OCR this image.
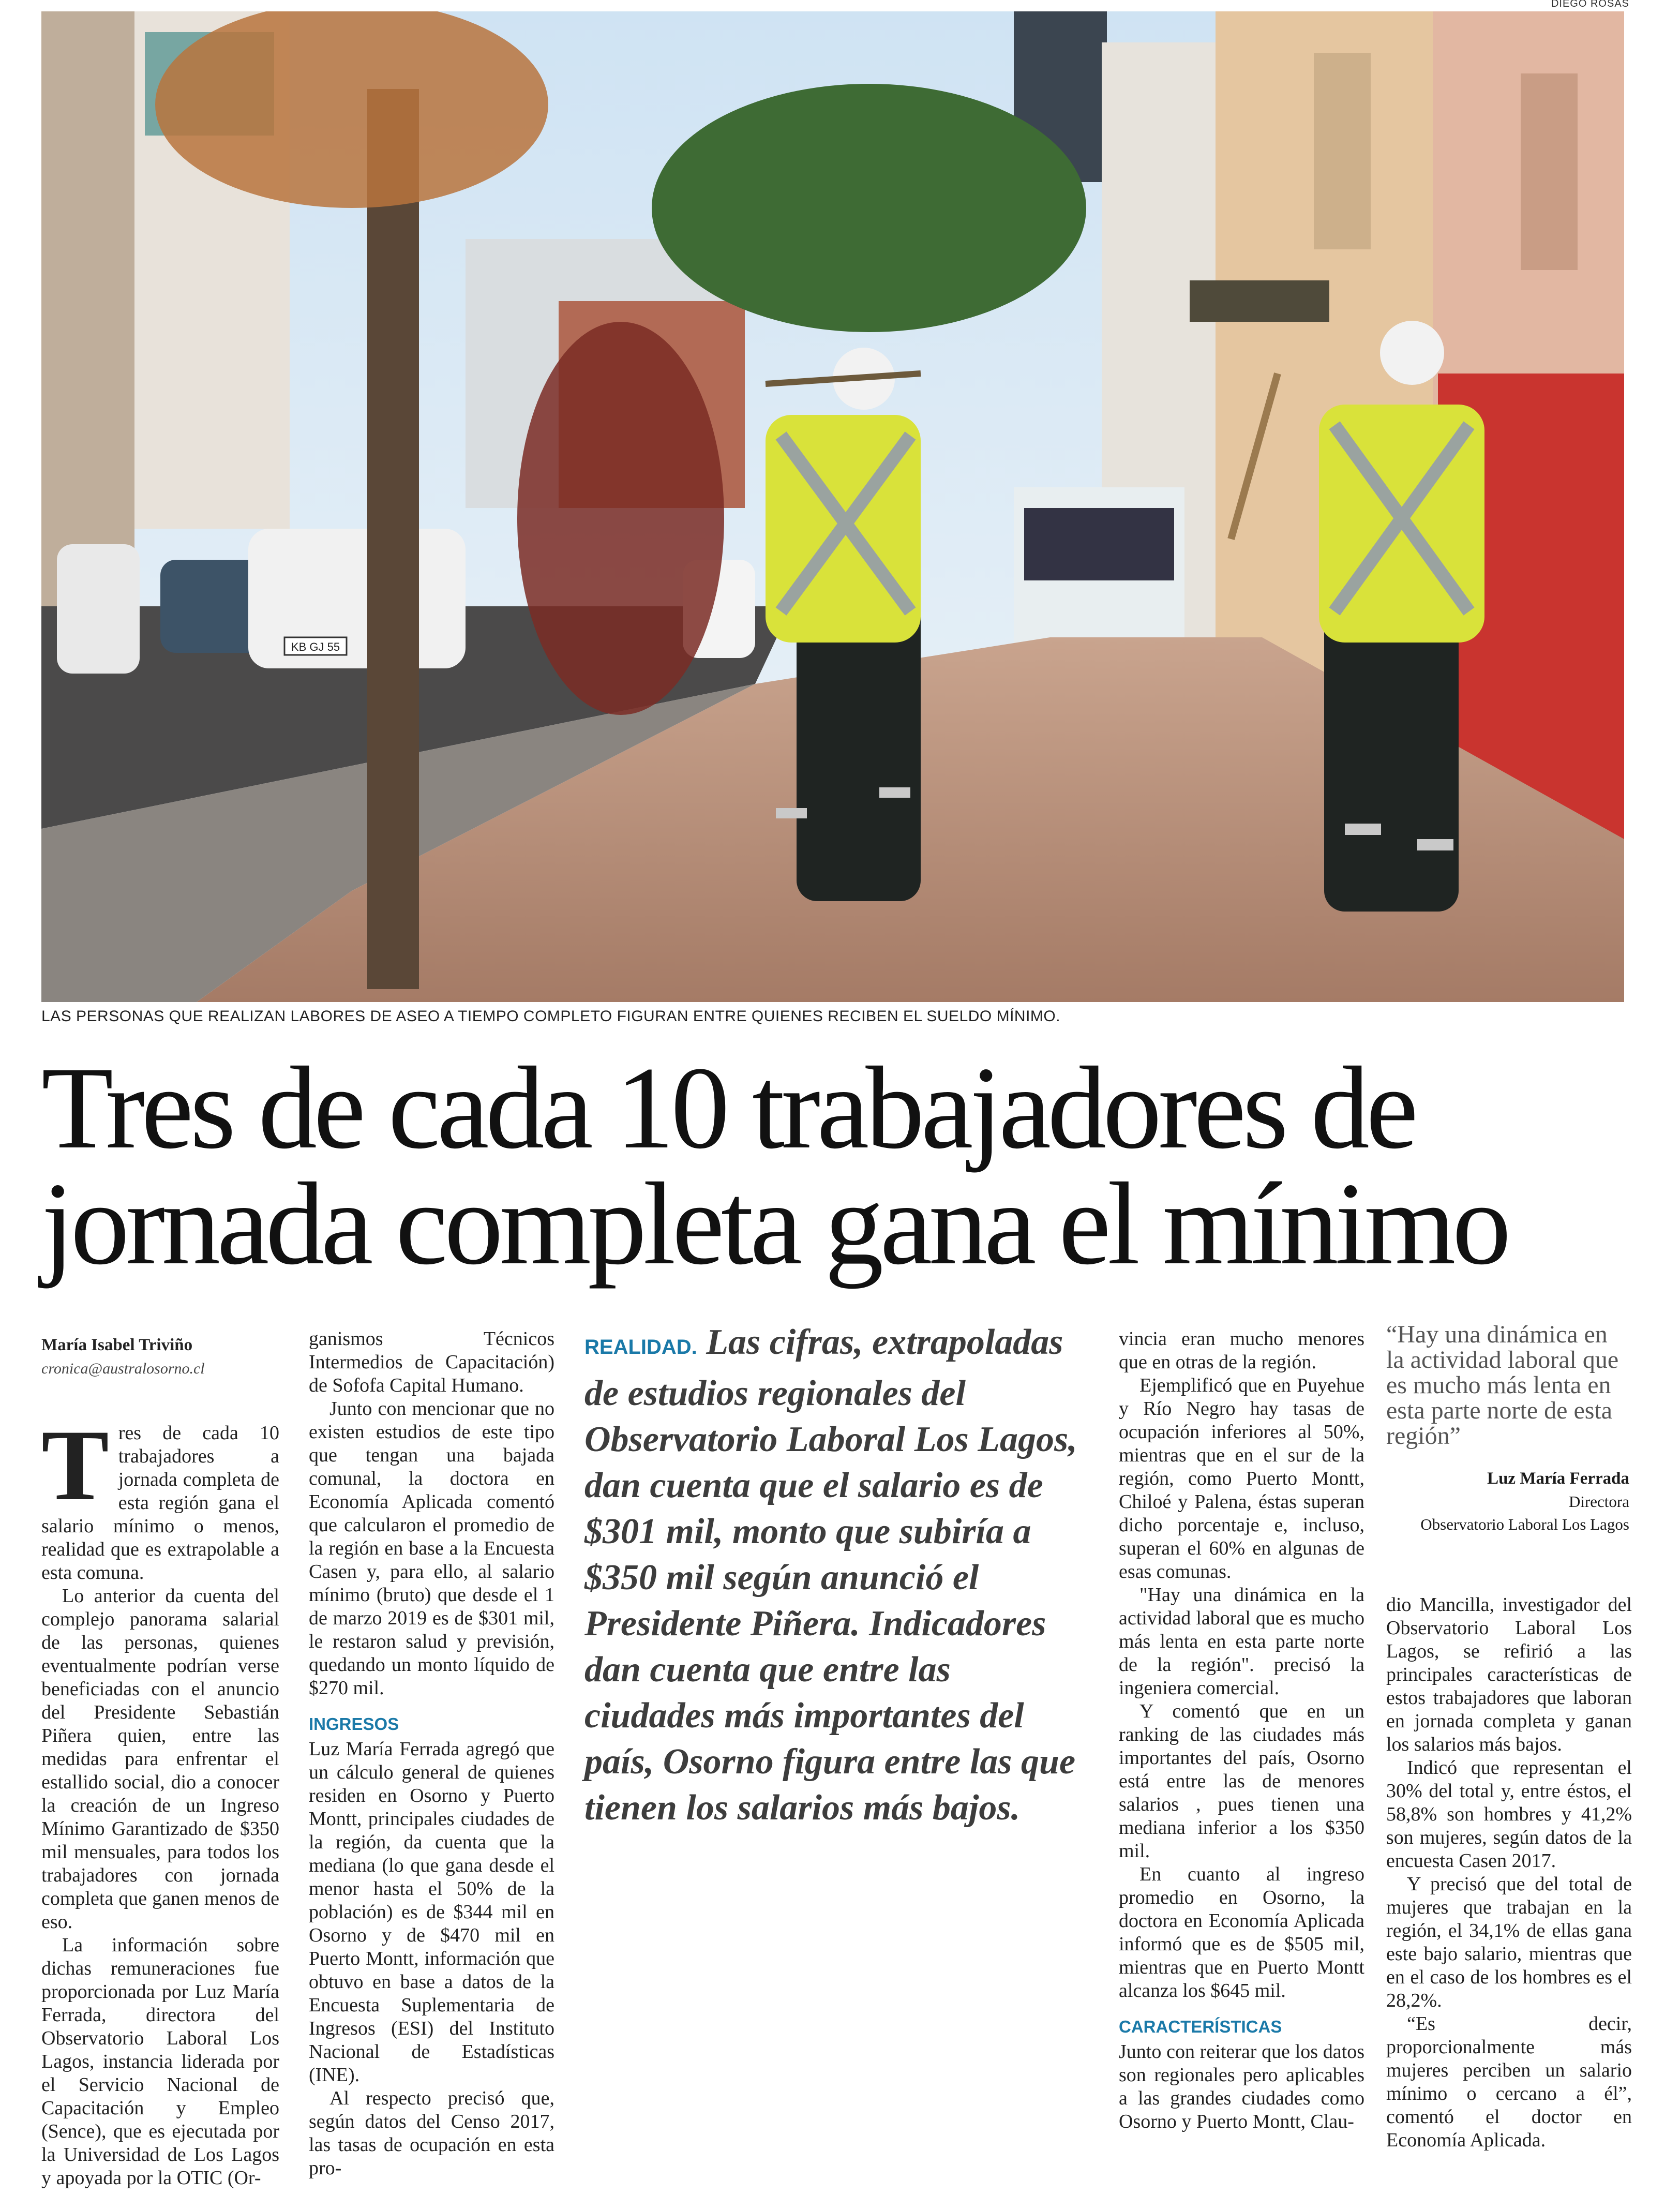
DIEGO ROSAS
KB GJ 55
LAS PERSONAS QUE REALIZAN LABORES DE ASEO A TIEMPO COMPLETO FIGURAN ENTRE QUIENES RECIBEN EL SUELDO MÍNIMO.
Tres de cada 10 trabajadores de
jornada completa gana el mínimo
María Isabel Triviño
cronica@australosorno.cl

Tres de cada 10 trabajadores a jornada completa de esta región gana el salario mínimo o menos, realidad que es extrapolable a esta comuna.

Lo anterior da cuenta del complejo panorama salarial de las personas, quienes eventualmente podrían verse beneficiadas con el anuncio del Presidente Sebastián Piñera quien, entre las medidas para enfrentar el estallido social, dio a conocer la creación de un Ingreso Mínimo Garantizado de $350 mil mensuales, para todos los trabajadores con jornada completa que ganen menos de eso.

La información sobre dichas remuneraciones fue proporcionada por Luz María Ferrada, directora del Observatorio Laboral Los Lagos, instancia liderada por el Servicio Nacional de Capacitación y Empleo (Sence), que es ejecutada por la Universidad de Los Lagos y apoyada por la OTIC (Or-

ganismos Técnicos Intermedios de Capacitación) de Sofofa Capital Humano.

Junto con mencionar que no existen estudios de este tipo que tengan una bajada comunal, la doctora en Economía Aplicada comentó que calcularon el promedio de la región en base a la Encuesta Casen y, para ello, al salario mínimo (bruto) que desde el 1 de marzo 2019 es de $301 mil, le restaron salud y previsión, quedando un monto líquido de $270 mil.

INGRESOS

Luz María Ferrada agregó que un cálculo general de quienes residen en Osorno y Puerto Montt, principales ciudades de la región, da cuenta que la mediana (lo que gana desde el menor hasta el 50% de la población) es de $344 mil en Osorno y de $470 mil en Puerto Montt, información que obtuvo en base a datos de la Encuesta Suplementaria de Ingresos (ESI) del Instituto Nacional de Estadísticas (INE).

Al respecto precisó que, según datos del Censo 2017, las tasas de ocupación en esta pro-

REALIDAD. Las cifras, extrapoladas de estudios regionales del Observatorio Laboral Los Lagos, dan cuenta que el salario es de $301 mil, monto que subiría a $350 mil según anunció el Presidente Piñera. Indicadores dan cuenta que entre las ciudades más importantes del país, Osorno figura entre las que tienen los salarios más bajos.

vincia eran mucho menores que en otras de la región.

Ejemplificó que en Puyehue y Río Negro hay tasas de ocupación inferiores al 50%, mientras que en el sur de la región, como Puerto Montt, Chiloé y Palena, éstas superan dicho porcentaje e, incluso, superan el 60% en algunas de esas comunas.

"Hay una dinámica en la actividad laboral que es mucho más lenta en esta parte norte de la región". precisó la ingeniera comercial.

Y comentó que en un ranking de las ciudades más importantes del país, Osorno está entre las de menores salarios , pues tienen una mediana inferior a los $350 mil.

En cuanto al ingreso promedio en Osorno, la doctora en Economía Aplicada informó que es de $505 mil, mientras que en Puerto Montt alcanza los $645 mil.

CARACTERÍSTICAS

Junto con reiterar que los datos son regionales pero aplicables a las grandes ciudades como Osorno y Puerto Montt, Clau-

“Hay una dinámica en la actividad laboral que es mucho más lenta en esta parte norte de esta región”
Luz María Ferrada
Directora
Observatorio Laboral Los Lagos

dio Mancilla, investigador del Observatorio Laboral Los Lagos, se refirió a las principales características de estos trabajadores que laboran en jornada completa y ganan los salarios más bajos.

Indicó que representan el 30% del total y, entre éstos, el 58,8% son hombres y 41,2% son mujeres, según datos de la encuesta Casen 2017.

Y precisó que del total de mujeres que trabajan en la región, el 34,1% de ellas gana este bajo salario, mientras que en el caso de los hombres es el 28,2%.

“Es decir, proporcionalmente más mujeres perciben un salario mínimo o cercano a él”, comentó el doctor en Economía Aplicada.
